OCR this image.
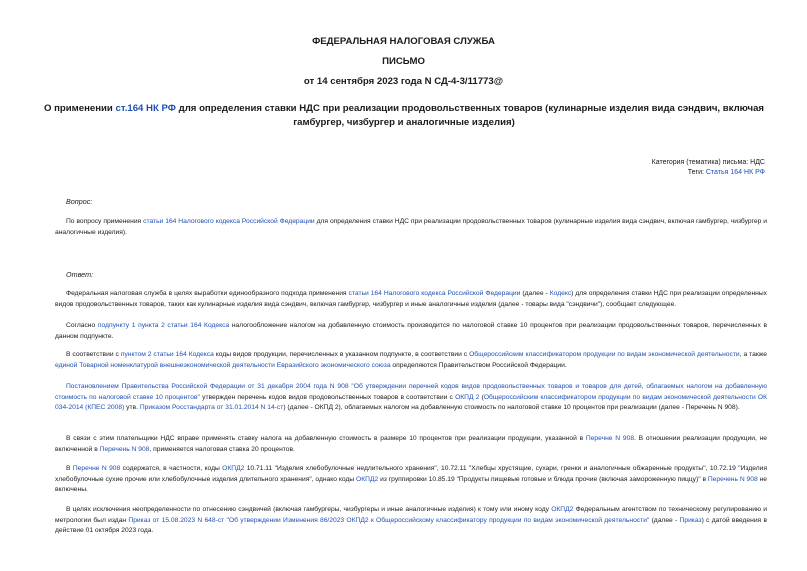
ФЕДЕРАЛЬНАЯ НАЛОГОВАЯ СЛУЖБА
ПИСЬМО
от 14 сентября 2023 года N СД-4-3/11773@
О применении ст.164 НК РФ для определения ставки НДС при реализации продовольственных товаров (кулинарные изделия вида сэндвич, включая гамбургер, чизбургер и аналогичные изделия)
Категория (тематика) письма: НДС
Теги: Статья 164 НК РФ
Вопрос:
По вопросу применения статьи 164 Налогового кодекса Российской Федерации для определения ставки НДС при реализации продовольственных товаров (кулинарные изделия вида сэндвич, включая гамбургер, чизбургер и аналогичные изделия).
Ответ:
Федеральная налоговая служба в целях выработки единообразного подхода применения статьи 164 Налогового кодекса Российской Федерации (далее - Кодекс) для определения ставки НДС при реализации определенных видов продовольственных товаров, таких как кулинарные изделия вида сэндвич, включая гамбургер, чизбургер и иные аналогичные изделия (далее - товары вида "сэндвичи"), сообщает следующее.
Согласно подпункту 1 пункта 2 статьи 164 Кодекса налогообложение налогом на добавленную стоимость производится по налоговой ставке 10 процентов при реализации продовольственных товаров, перечисленных в данном подпункте.
В соответствии с пунктом 2 статьи 164 Кодекса коды видов продукции, перечисленных в указанном подпункте, в соответствии с Общероссийским классификатором продукции по видам экономической деятельности, а также единой Товарной номенклатурой внешнеэкономической деятельности Евразийского экономического союза определяются Правительством Российской Федерации.
Постановлением Правительства Российской Федерации от 31 декабря 2004 года N 908 "Об утверждении перечней кодов видов продовольственных товаров и товаров для детей, облагаемых налогом на добавленную стоимость по налоговой ставке 10 процентов" утвержден перечень кодов видов продовольственных товаров в соответствии с ОКПД 2 (Общероссийским классификатором продукции по видам экономической деятельности ОК 034-2014 (КПЕС 2008) утв. Приказом Росстандарта от 31.01.2014 N 14-ст) (далее - ОКПД 2), облагаемых налогом на добавленную стоимость по налоговой ставке 10 процентов при реализации (далее - Перечень N 908).
В связи с этим плательщики НДС вправе применять ставку налога на добавленную стоимость в размере 10 процентов при реализации продукции, указанной в Перечне N 908. В отношении реализации продукции, не включенной в Перечень N 908, применяется налоговая ставка 20 процентов.
В Перечне N 908 содержатся, в частности, коды ОКПД2 10.71.11 "Изделия хлебобулочные недлительного хранения", 10.72.11 "Хлебцы хрустящие, сухари, гренки и аналогичные обжаренные продукты", 10.72.19 "Изделия хлебобулочные сухие прочие или хлебобулочные изделия длительного хранения", однако коды ОКПД2 из группировки 10.85.19 "Продукты пищевые готовые и блюда прочие (включая замороженную пиццу)" в Перечень N 908 не включены.
В целях исключения неопределенности по отнесению сэндвичей (включая гамбургеры, чизбургеры и иные аналогичные изделия) к тому или иному коду ОКПД2 Федеральным агентством по техническому регулированию и метрологии был издан Приказ от 15.08.2023 N 648-ст "Об утверждении Изменения 86/2023 ОКПД2 к Общероссийскому классификатору продукции по видам экономической деятельности" (далее - Приказ) с датой введения в действие 01 октября 2023 года.
